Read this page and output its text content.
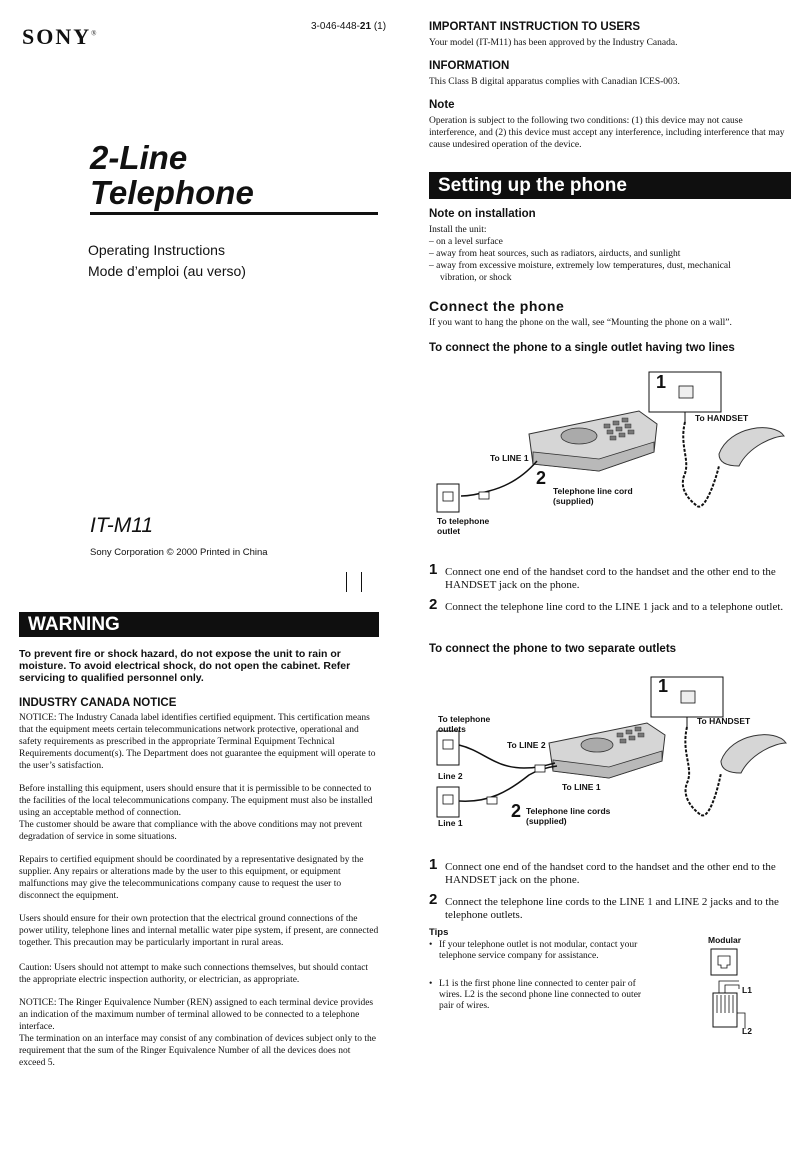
SONY®
3-046-448-21 (1)
2-Line
Telephone
Operating Instructions
Mode d’emploi (au verso)
IT-M11
Sony Corporation © 2000 Printed in China
WARNING
To prevent fire or shock hazard, do not expose the unit to rain or moisture. To avoid electrical shock, do not open the cabinet. Refer servicing to qualified personnel only.
INDUSTRY CANADA NOTICE

NOTICE: The Industry Canada label identifies certified equipment. This certification means that the equipment meets certain telecommunications network protective, operational and safety requirements as prescribed in the appropriate Terminal Equipment Technical Requirements document(s). The Department does not guarantee the equipment will operate to the user’s satisfaction.

Before installing this equipment, users should ensure that it is permissible to be connected to the facilities of the local telecommunications company. The equipment must also be installed using an acceptable method of connection.

The customer should be aware that compliance with the above conditions may not prevent degradation of service in some situations.

Repairs to certified equipment should be coordinated by a representative designated by the supplier. Any repairs or alterations made by the user to this equipment, or equipment malfunctions may give the telecommunications company cause to request the user to disconnect the equipment.

Users should ensure for their own protection that the electrical ground connections of the power utility, telephone lines and internal metallic water pipe system, if present, are connected together. This precaution may be particularly important in rural areas.

Caution: Users should not attempt to make such connections themselves, but should contact the appropriate electric inspection authority, or electrician, as appropriate.

NOTICE: The Ringer Equivalence Number (REN) assigned to each terminal device provides an indication of the maximum number of terminal allowed to be connected to a telephone interface.

The termination on an interface may consist of any combination of devices subject only to the requirement that the sum of the Ringer Equivalence Number of all the devices does not exceed 5.

IMPORTANT INSTRUCTION TO USERS
Your model (IT-M11) has been approved by the Industry Canada.
INFORMATION
This Class B digital apparatus complies with Canadian ICES-003.
Note
Operation is subject to the following two conditions: (1) this device may not cause interference, and (2) this device must accept any interference, including interference that may cause undesired operation of the device.
Setting up the phone
Note on installation

Install the unit:

– on a level surface

– away from heat sources, such as radiators, airducts, and sunlight

– away from excessive moisture, extremely low temperatures, dust, mechanical

vibration, or shock

Connect the phone
If you want to hang the phone on the wall, see “Mounting the phone on a wall”.
To connect the phone to a single outlet having two lines
1
To HANDSET
To LINE 1
2
Telephone line cord
(supplied)
To telephone
outlet
1 Connect one end of the handset cord to the handset and the other end to the HANDSET jack on the phone.
2 Connect the telephone line cord to the LINE 1 jack and to a telephone outlet.
To connect the phone to two separate outlets
1
To telephone
outlets
To HANDSET
To LINE 2
Line 2
To LINE 1
2 Telephone line cords
(supplied)
Line 1
1 Connect one end of the handset cord to the handset and the other end to the HANDSET jack on the phone.
2 Connect the telephone line cords to the LINE 1 and LINE 2 jacks and to the telephone outlets.
Tips
• If your telephone outlet is not modular, contact your telephone service company for assistance.
• L1 is the first phone line connected to center pair of wires. L2 is the second phone line connected to outer pair of wires.
Modular
L1
L2
